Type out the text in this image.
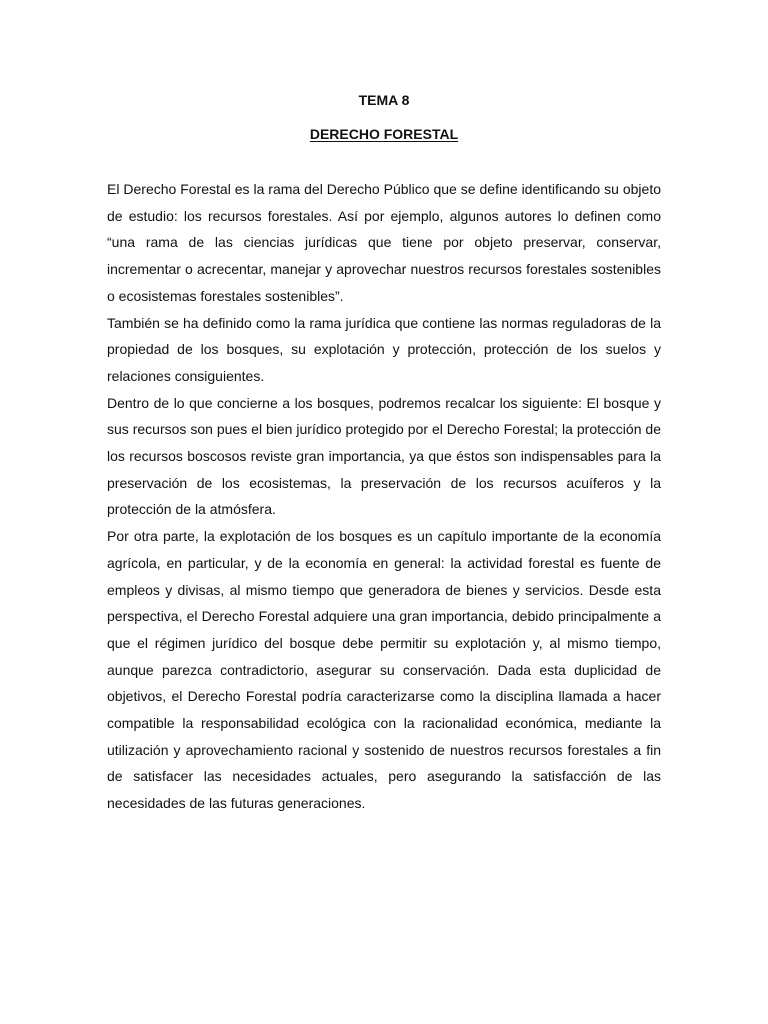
TEMA 8
DERECHO FORESTAL

El Derecho Forestal es la rama del Derecho Público que se define identificando su objeto de estudio: los recursos forestales. Así por ejemplo, algunos autores lo definen como “una rama de las ciencias jurídicas que tiene por objeto preservar, conservar, incrementar o acrecentar, manejar y aprovechar nuestros recursos forestales sostenibles o ecosistemas forestales sostenibles”.

También se ha definido como la rama jurídica que contiene las normas reguladoras de la propiedad de los bosques, su explotación y protección, protección de los suelos y relaciones consiguientes.

Dentro de lo que concierne a los bosques, podremos recalcar los siguiente: El bosque y sus recursos son pues el bien jurídico protegido por el Derecho Forestal; la protección de los recursos boscosos reviste gran importancia, ya que éstos son indispensables para la preservación de los ecosistemas, la preservación de los recursos acuíferos y la protección de la atmósfera.

Por otra parte, la explotación de los bosques es un capítulo importante de la economía agrícola, en particular, y de la economía en general: la actividad forestal es fuente de empleos y divisas, al mismo tiempo que generadora de bienes y servicios. Desde esta perspectiva, el Derecho Forestal adquiere una gran importancia, debido principalmente a que el régimen jurídico del bosque debe permitir su explotación y, al mismo tiempo, aunque parezca contradictorio, asegurar su conservación. Dada esta duplicidad de objetivos, el Derecho Forestal podría caracterizarse como la disciplina llamada a hacer compatible la responsabilidad ecológica con la racionalidad económica, mediante la utilización y aprovechamiento racional y sostenido de nuestros recursos forestales a fin de satisfacer las necesidades actuales, pero asegurando la satisfacción de las necesidades de las futuras generaciones.
